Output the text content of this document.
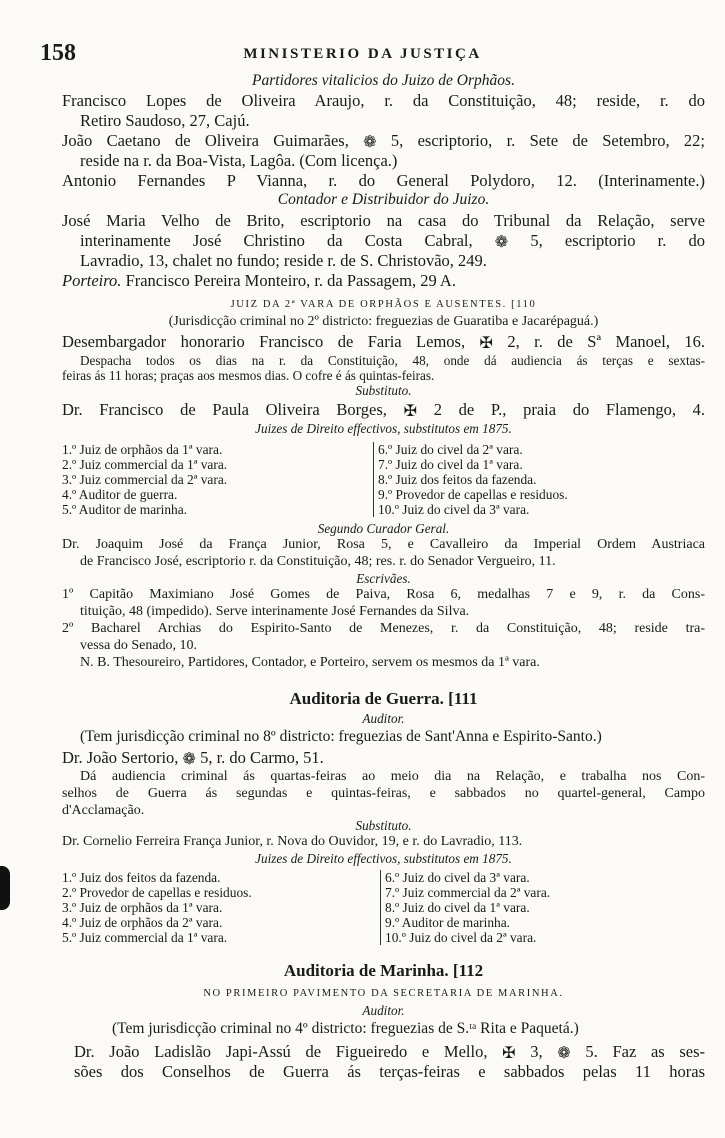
158	MINISTERIO DA JUSTIÇA
Partidores vitalicios do Juizo de Orphãos.
Francisco Lopes de Oliveira Araujo, r. da Constituição, 48; reside, r. do
Retiro Saudoso, 27, Cajú.
João Caetano de Oliveira Guimarães, ❁ 5, escriptorio, r. Sete de Setembro, 22;
reside na r. da Boa-Vista, Lagôa. (Com licença.)
Antonio Fernandes P Vianna, r. do General Polydoro, 12. (Interinamente.)
Contador e Distribuidor do Juizo.
José Maria Velho de Brito, escriptorio na casa do Tribunal da Relação, serve
interinamente José Christino da Costa Cabral, ❁ 5, escriptorio r. do
Lavradio, 13, chalet no fundo; reside r. de S. Christovão, 249.
Porteiro. Francisco Pereira Monteiro, r. da Passagem, 29 A.
JUIZ DA 2ª VARA DE ORPHÃOS E AUSENTES. [110
(Jurisdicção criminal no 2º districto: freguezias de Guaratiba e Jacarépaguá.)
Desembargador honorario Francisco de Faria Lemos, ✠ 2, r. de Sª Manoel, 16.
Despacha todos os dias na r. da Constituição, 48, onde dá audiencia ás terças e sextas-
feiras ás 11 horas; praças aos mesmos dias. O cofre é ás quintas-feiras.
Substituto.
Dr. Francisco de Paula Oliveira Borges, ✠ 2 de P., praia do Flamengo, 4.
Juizes de Direito effectivos, substitutos em 1875.
1.º Juiz de orphãos da 1ª vara.
2.º Juiz commercial da 1ª vara.
3.º Juiz commercial da 2ª vara.
4.º Auditor de guerra.
5.º Auditor de marinha.
6.º Juiz do civel da 2ª vara.
7.º Juiz do civel da 1ª vara.
8.º Juiz dos feitos da fazenda.
9.º Provedor de capellas e residuos.
10.º Juiz do civel da 3ª vara.
Segundo Curador Geral.
Dr. Joaquim José da França Junior, Rosa 5, e Cavalleiro da Imperial Ordem Austriaca
de Francisco José, escriptorio r. da Constituição, 48; res. r. do Senador Vergueiro, 11.
Escrivães.
1º Capitão Maximiano José Gomes de Paiva, Rosa 6, medalhas 7 e 9, r. da Cons-
tituição, 48 (impedido). Serve interinamente José Fernandes da Silva.
2º Bacharel Archias do Espirito-Santo de Menezes, r. da Constituição, 48; reside tra-
vessa do Senado, 10.
N. B. Thesoureiro, Partidores, Contador, e Porteiro, servem os mesmos da 1ª vara.
Auditoria de Guerra. [111
Auditor.
(Tem jurisdicção criminal no 8º districto: freguezias de Sant'Anna e Espirito-Santo.)
Dr. João Sertorio, ❁ 5, r. do Carmo, 51.
Dá audiencia criminal ás quartas-feiras ao meio dia na Relação, e trabalha nos Con-
selhos de Guerra ás segundas e quintas-feiras, e sabbados no quartel-general, Campo
d'Acclamação.
Substituto.
Dr. Cornelio Ferreira França Junior, r. Nova do Ouvidor, 19, e r. do Lavradio, 113.
Juizes de Direito effectivos, substitutos em 1875.
1.º Juiz dos feitos da fazenda.
2.º Provedor de capellas e residuos.
3.º Juiz de orphãos da 1ª vara.
4.º Juiz de orphãos da 2ª vara.
5.º Juiz commercial da 1ª vara.
6.º Juiz do civel da 3ª vara.
7.º Juiz commercial da 2ª vara.
8.º Juiz do civel da 1ª vara.
9.º Auditor de marinha.
10.º Juiz do civel da 2ª vara.
Auditoria de Marinha. [112
NO PRIMEIRO PAVIMENTO DA SECRETARIA DE MARINHA.
Auditor.
(Tem jurisdicção criminal no 4º districto: freguezias de S.ᵗᵃ Rita e Paquetá.)
Dr. João Ladislão Japi-Assú de Figueiredo e Mello, ✠ 3, ❁ 5. Faz as ses-
sões dos Conselhos de Guerra ás terças-feiras e sabbados pelas 11 horas
